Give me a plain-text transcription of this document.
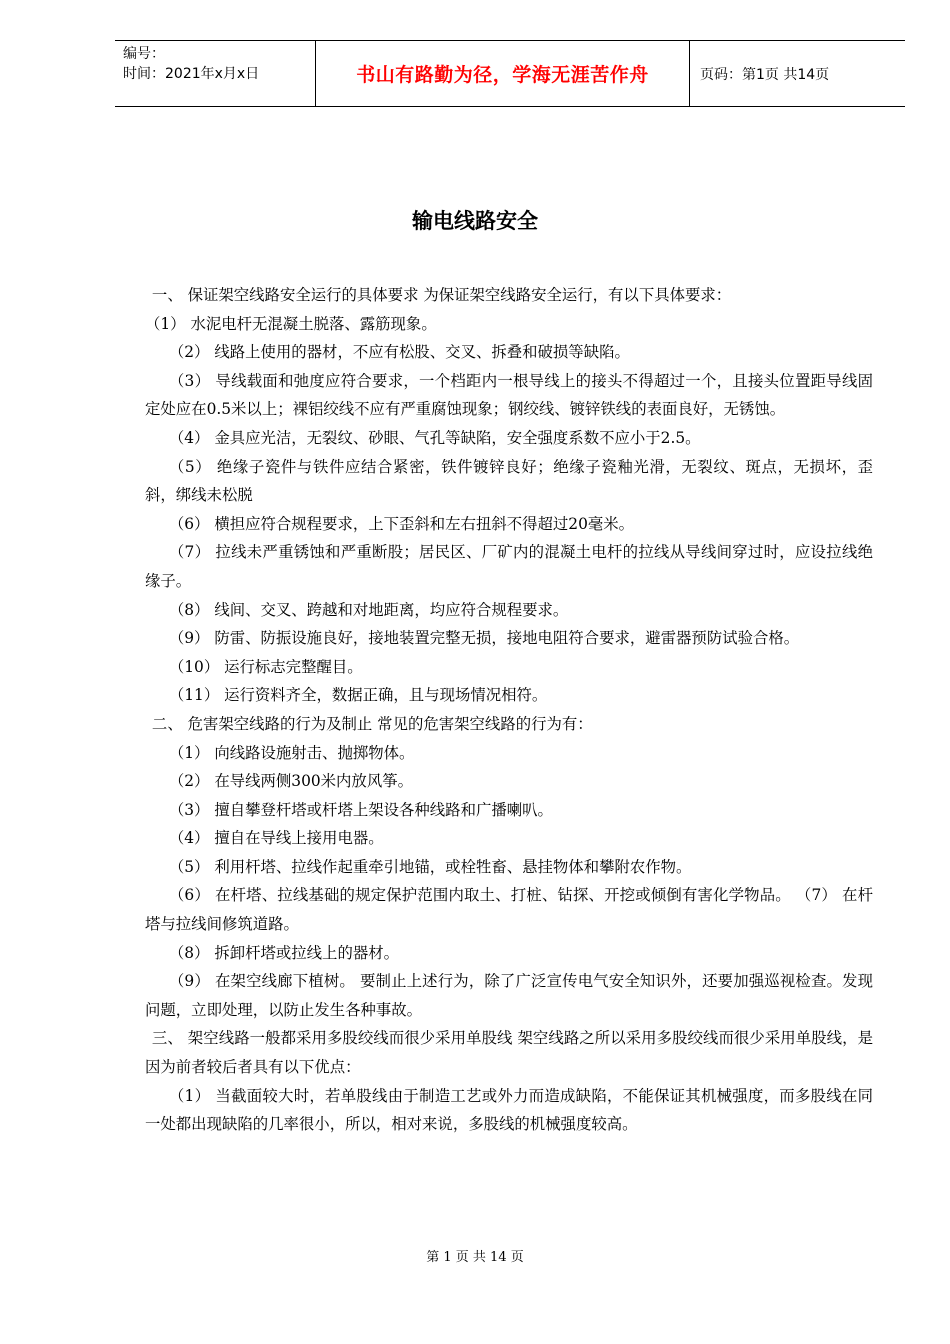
编号：
时间：2021年x月x日	书山有路勤为径，学海无涯苦作舟	页码：第1页 共14页
输电线路安全

一、 保证架空线路安全运行的具体要求 为保证架空线路安全运行，有以下具体要求：

（1） 水泥电杆无混凝土脱落、露筋现象。

（2） 线路上使用的器材，不应有松股、交叉、拆叠和破损等缺陷。

（3） 导线载面和弛度应符合要求，一个档距内一根导线上的接头不得超过一个，且接头位置距导线固定处应在0.5米以上；裸铝绞线不应有严重腐蚀现象；钢绞线、镀锌铁线的表面良好，无锈蚀。

（4） 金具应光洁，无裂纹、砂眼、气孔等缺陷，安全强度系数不应小于2.5。

（5） 绝缘子瓷件与铁件应结合紧密，铁件镀锌良好；绝缘子瓷釉光滑，无裂纹、斑点，无损坏，歪斜，绑线未松脱

（6） 横担应符合规程要求，上下歪斜和左右扭斜不得超过20毫米。

（7） 拉线未严重锈蚀和严重断股；居民区、厂矿内的混凝土电杆的拉线从导线间穿过时，应设拉线绝缘子。

（8） 线间、交叉、跨越和对地距离，均应符合规程要求。

（9） 防雷、防振设施良好，接地装置完整无损，接地电阻符合要求，避雷器预防试验合格。

（10） 运行标志完整醒目。

（11） 运行资料齐全，数据正确，且与现场情况相符。

二、 危害架空线路的行为及制止 常见的危害架空线路的行为有：

（1） 向线路设施射击、抛掷物体。

（2） 在导线两侧300米内放风筝。

（3） 擅自攀登杆塔或杆塔上架设各种线路和广播喇叭。

（4） 擅自在导线上接用电器。

（5） 利用杆塔、拉线作起重牵引地锚，或栓牲畜、悬挂物体和攀附农作物。

（6） 在杆塔、拉线基础的规定保护范围内取土、打桩、钻探、开挖或倾倒有害化学物品。 （7） 在杆塔与拉线间修筑道路。

（8） 拆卸杆塔或拉线上的器材。

（9） 在架空线廊下植树。 要制止上述行为，除了广泛宣传电气安全知识外，还要加强巡视检查。发现问题，立即处理，以防止发生各种事故。

三、 架空线路一般都采用多股绞线而很少采用单股线 架空线路之所以采用多股绞线而很少采用单股线，是因为前者较后者具有以下优点：

（1） 当截面较大时，若单股线由于制造工艺或外力而造成缺陷，不能保证其机械强度，而多股线在同一处都出现缺陷的几率很小，所以，相对来说，多股线的机械强度较高。

第 1 页 共 14 页
